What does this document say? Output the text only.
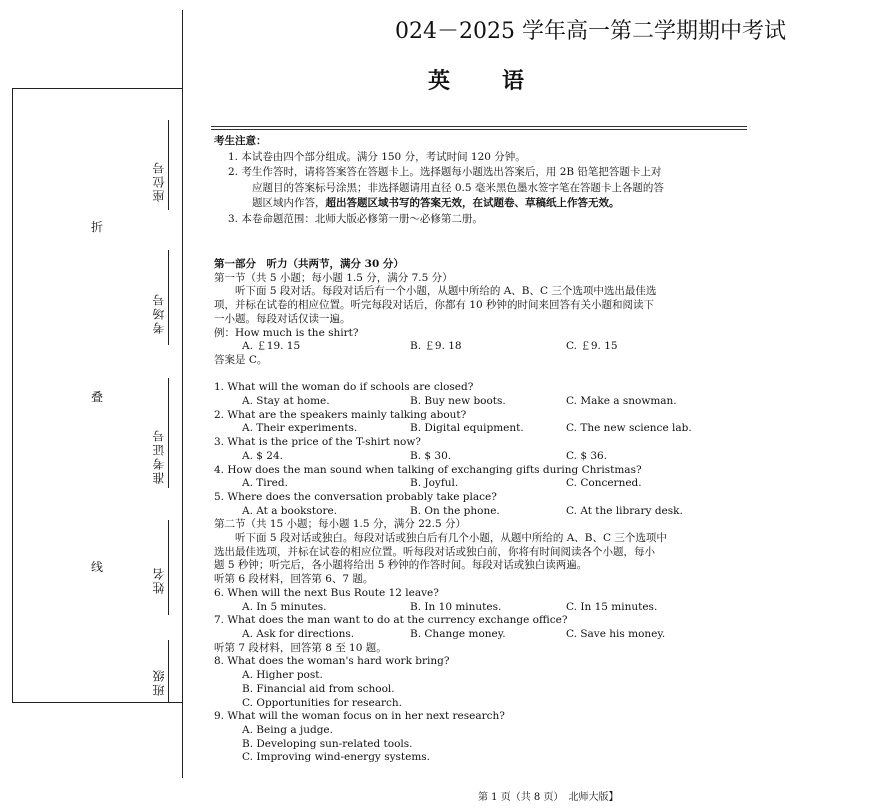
折
叠
线
座位号
考场号
准考证号
姓名
班级
024－2025 学年高一第二学期期中考试
英语
考生注意：
1. 本试卷由四个部分组成。满分 150 分，考试时间 120 分钟。
2. 考生作答时，请将答案答在答题卡上。选择题每小题选出答案后，用 2B 铅笔把答题卡上对
应题目的答案标号涂黑；非选择题请用直径 0.5 毫米黑色墨水签字笔在答题卡上各题的答
题区域内作答，超出答题区域书写的答案无效，在试题卷、草稿纸上作答无效。
3. 本卷命题范围：北师大版必修第一册～必修第二册。

第一部分　听力（共两节，满分 30 分）

第一节（共 5 小题；每小题 1.5 分，满分 7.5 分）

听下面 5 段对话。每段对话后有一个小题，从题中所给的 A、B、C 三个选项中选出最佳选

项，并标在试卷的相应位置。听完每段对话后，你都有 10 秒钟的时间来回答有关小题和阅读下

一小题。每段对话仅读一遍。

例：How much is the shirt?

A. ￡19. 15	B. ￡9. 18	C. ￡9. 15

答案是 C。

1. What will the woman do if schools are closed?

A. Stay at home.	B. Buy new boots.	C. Make a snowman.

2. What are the speakers mainly talking about?

A. Their experiments.	B. Digital equipment.	C. The new science lab.

3. What is the price of the T-shirt now?

A. $ 24.	B. $ 30.	C. $ 36.

4. How does the man sound when talking of exchanging gifts during Christmas?

A. Tired.	B. Joyful.	C. Concerned.

5. Where does the conversation probably take place?

A. At a bookstore.	B. On the phone.	C. At the library desk.

第二节（共 15 小题；每小题 1.5 分，满分 22.5 分）

听下面 5 段对话或独白。每段对话或独白后有几个小题，从题中所给的 A、B、C 三个选项中

选出最佳选项，并标在试卷的相应位置。听每段对话或独白前，你将有时间阅读各个小题，每小

题 5 秒钟；听完后，各小题将给出 5 秒钟的作答时间。每段对话或独白读两遍。

听第 6 段材料，回答第 6、7 题。

6. When will the next Bus Route 12 leave?

A. In 5 minutes.	B. In 10 minutes.	C. In 15 minutes.

7. What does the man want to do at the currency exchange office?

A. Ask for directions.	B. Change money.	C. Save his money.

听第 7 段材料，回答第 8 至 10 题。

8. What does the woman's hard work bring?

A. Higher post.

B. Financial aid from school.

C. Opportunities for research.

9. What will the woman focus on in her next research?

A. Being a judge.

B. Developing sun-related tools.

C. Improving wind-energy systems.

第 1 页（共 8 页）　北师大版】
